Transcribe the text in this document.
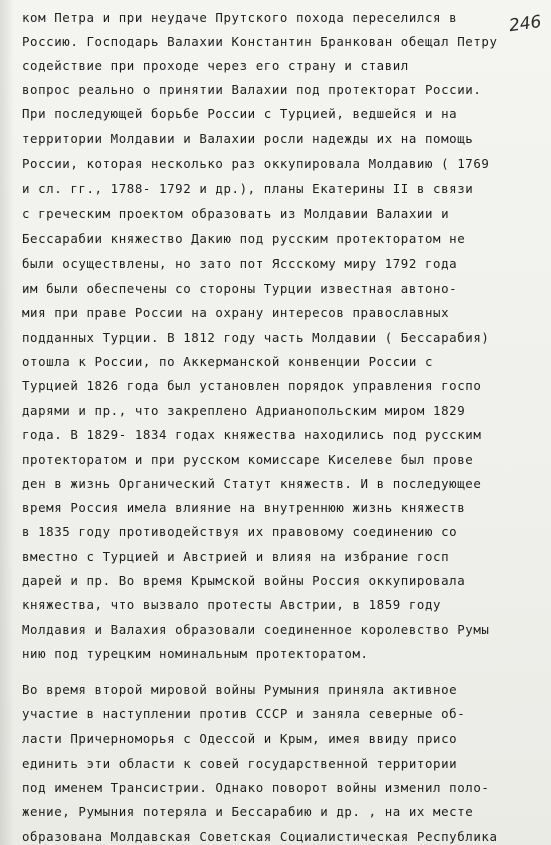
246
ком Петра и при неудаче Прутского похода переселился в
Россию. Господарь Валахии Константин Бранкован обещал Петру
содействие при проходе через его страну и ставил
вопрос реально о принятии Валахии под протекторат России.
При последующей борьбе России с Турцией, ведшейся и на
территории Молдавии и Валахии росли надежды их на помощь
России, которая несколько раз оккупировала Молдавию ( 1769
и сл. гг., 1788- 1792 и др.), планы Екатерины II в связи
с греческим проектом образовать из Молдавии Валахии и
Бессарабии княжество Дакию под русским протекторатом не
были осуществлены, но зато пот Яссскому миру 1792 года
им были обеспечены со стороны Турции известная автоно-
мия при праве России на охрану интересов православных
подданных Турции. В 1812 году часть Молдавии ( Бессарабия)
отошла к России, по Аккерманской конвенции России с
Турцией 1826 года был установлен порядок управления госпо
дарями и пр., что закреплено Адрианопольским миром 1829
года. В 1829- 1834 годах княжества находились под русским
протекторатом и при русском комиссаре Киселеве был прове
ден в жизнь Органический Статут княжеств. И в последующее
время Россия имела влияние на внутреннюю жизнь княжеств
в 1835 году противодействуя их правовому соединению со
вместно с Турцией и Австрией и влияя на избрание госп
дарей и пр. Во время Крымской войны Россия оккупировала
княжества, что вызвало протесты Австрии, в 1859 году
Молдавия и Валахия образовали соединенное королевство Румы
нию под турецким номинальным протекторатом.
Во время второй мировой войны Румыния приняла активное
участие в наступлении против СССР и заняла северные об-
ласти Причерноморья с Одессой и Крым, имея ввиду присо
единить эти области к совей государственной территории
под именем Трансистрии. Однако поворот войны изменил поло-
жение, Румыния потеряла и Бессарабию и др. , на их месте
образована Молдавская Советская Социалистическая Республика
